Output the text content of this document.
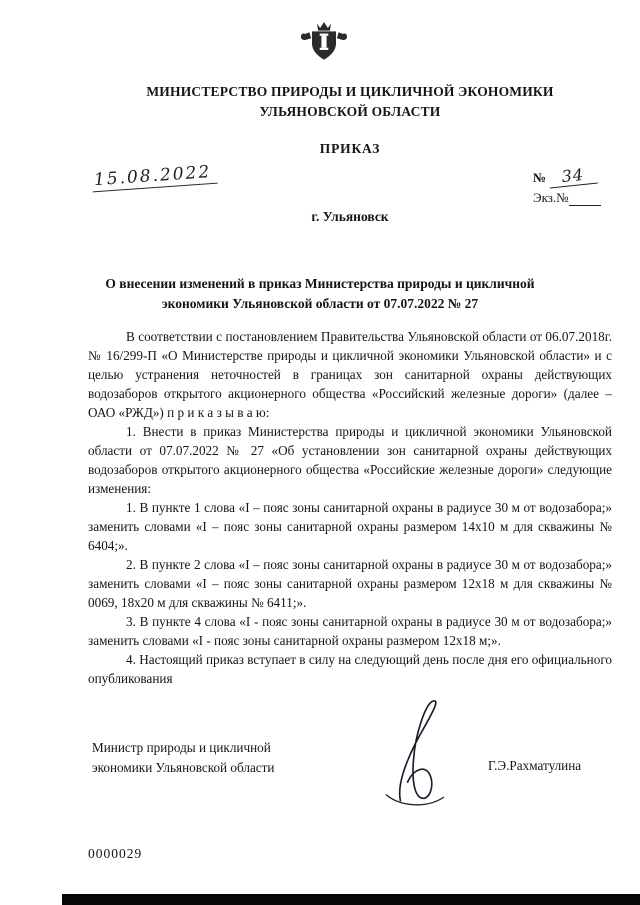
МИНИСТЕРСТВО ПРИРОДЫ И ЦИКЛИЧНОЙ ЭКОНОМИКИ
УЛЬЯНОВСКОЙ ОБЛАСТИ
ПРИКАЗ
15.08.2022	№ 34
Экз.№
г. Ульяновск
О внесении изменений в приказ Министерства природы и цикличной экономики Ульяновской области от 07.07.2022 № 27

В соответствии с постановлением Правительства Ульяновской области от 06.07.2018г. № 16/299-П «О Министерстве природы и цикличной экономики Ульяновской области» и с целью устранения неточностей в границах зон санитарной охраны действующих водозаборов открытого акционерного общества «Российский железные дороги» (далее – ОАО «РЖД») п р и к а з ы в а ю:

1. Внести в приказ Министерства природы и цикличной экономики Ульяновской области от 07.07.2022 № 27 «Об установлении зон санитарной охраны действующих водозаборов открытого акционерного общества «Российские железные дороги» следующие изменения:

1. В пункте 1 слова «I – пояс зоны санитарной охраны в радиусе 30 м от водозабора;» заменить словами «I – пояс зоны санитарной охраны размером 14х10 м для скважины № 6404;».

2. В пункте 2 слова «I – пояс зоны санитарной охраны в радиусе 30 м от водозабора;» заменить словами «I – пояс зоны санитарной охраны размером 12х18 м для скважины № 0069, 18х20 м для скважины № 6411;».

3. В пункте 4 слова «I - пояс зоны санитарной охраны в радиусе 30 м от водозабора;» заменить словами «I - пояс зоны санитарной охраны размером 12х18 м;».

4. Настоящий приказ вступает в силу на следующий день после дня его официального опубликования

Министр природы и цикличной
экономики Ульяновской области	Г.Э.Рахматулина
0000029
